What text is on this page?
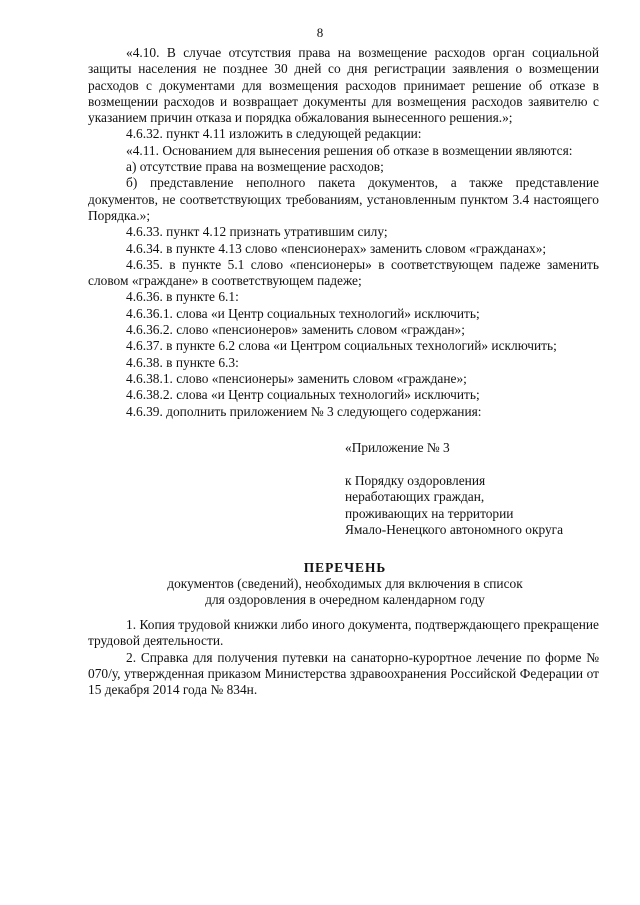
8

«4.10. В случае отсутствия права на возмещение расходов орган социальной защиты населения не позднее 30 дней со дня регистрации заявления о возмещении расходов с документами для возмещения расходов принимает решение об отказе в возмещении расходов и возвращает документы для возмещения расходов заявителю с указанием причин отказа и порядка обжалования вынесенного решения.»;

4.6.32. пункт 4.11 изложить в следующей редакции:

«4.11. Основанием для вынесения решения об отказе в возмещении являются:

а) отсутствие права на возмещение расходов;

б) представление неполного пакета документов, а также представление документов, не соответствующих требованиям, установленным пунктом 3.4 настоящего Порядка.»;

4.6.33. пункт 4.12 признать утратившим силу;

4.6.34. в пункте 4.13 слово «пенсионерах» заменить словом «гражданах»;

4.6.35. в пункте 5.1 слово «пенсионеры» в соответствующем падеже заменить словом «граждане» в соответствующем падеже;

4.6.36. в пункте 6.1:

4.6.36.1. слова «и Центр социальных технологий» исключить;

4.6.36.2. слово «пенсионеров» заменить словом «граждан»;

4.6.37. в пункте 6.2 слова «и Центром социальных технологий» исключить;

4.6.38. в пункте 6.3:

4.6.38.1. слово «пенсионеры» заменить словом «граждане»;

4.6.38.2. слова «и Центр социальных технологий» исключить;

4.6.39. дополнить приложением № 3 следующего содержания:

«Приложение № 3
к Порядку оздоровления
неработающих граждан,
проживающих на территории
Ямало-Ненецкого автономного округа
ПЕРЕЧЕНЬ
документов (сведений), необходимых для включения в список
для оздоровления в очередном календарном году

1. Копия трудовой книжки либо иного документа, подтверждающего прекращение трудовой деятельности.

2. Справка для получения путевки на санаторно-курортное лечение по форме № 070/у, утвержденная приказом Министерства здравоохранения Российской Федерации от 15 декабря 2014 года № 834н.
